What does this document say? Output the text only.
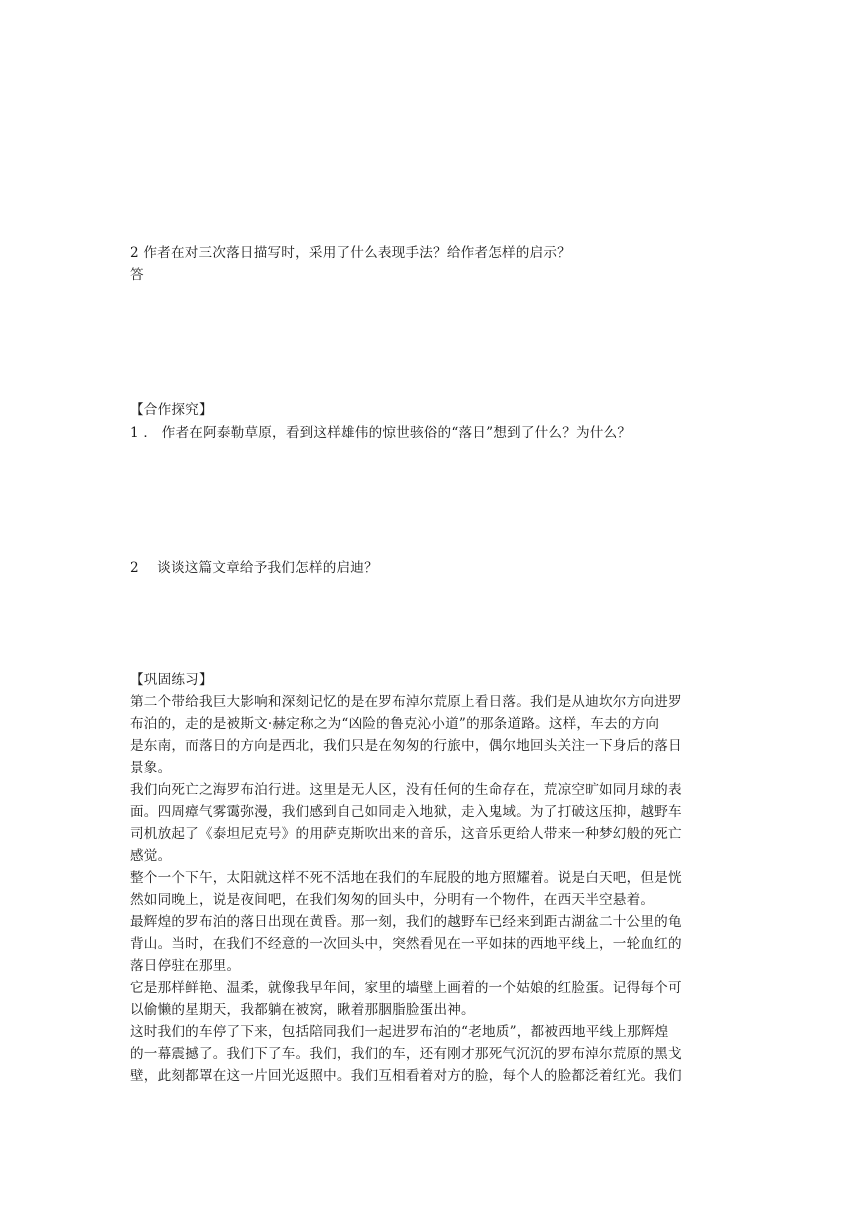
2 作者在对三次落日描写时，采用了什么表现手法？给作者怎样的启示？
答
【合作探究】
1 ． 作者在阿泰勒草原，看到这样雄伟的惊世骇俗的“落日”想到了什么？为什么？
2　 谈谈这篇文章给予我们怎样的启迪？
【巩固练习】
第二个带给我巨大影响和深刻记忆的是在罗布淖尔荒原上看日落。我们是从迪坎尔方向进罗
布泊的，走的是被斯文·赫定称之为“凶险的鲁克沁小道”的那条道路。这样，车去的方向
是东南，而落日的方向是西北，我们只是在匆匆的行旅中，偶尔地回头关注一下身后的落日
景象。
我们向死亡之海罗布泊行进。这里是无人区，没有任何的生命存在，荒凉空旷如同月球的表
面。四周瘴气雾霭弥漫，我们感到自己如同走入地狱，走入鬼域。为了打破这压抑，越野车
司机放起了《泰坦尼克号》的用萨克斯吹出来的音乐，这音乐更给人带来一种梦幻般的死亡
感觉。
整个一个下午，太阳就这样不死不活地在我们的车屁股的地方照耀着。说是白天吧，但是恍
然如同晚上，说是夜间吧，在我们匆匆的回头中，分明有一个物件，在西天半空悬着。
最辉煌的罗布泊的落日出现在黄昏。那一刻，我们的越野车已经来到距古湖盆二十公里的龟
背山。当时，在我们不经意的一次回头中，突然看见在一平如抹的西地平线上，一轮血红的
落日停驻在那里。
它是那样鲜艳、温柔，就像我早年间，家里的墙壁上画着的一个姑娘的红脸蛋。记得每个可
以偷懒的星期天，我都躺在被窝，瞅着那胭脂脸蛋出神。
这时我们的车停了下来，包括陪同我们一起进罗布泊的“老地质”，都被西地平线上那辉煌
的一幕震撼了。我们下了车。我们，我们的车，还有刚才那死气沉沉的罗布淖尔荒原的黑戈
壁，此刻都罩在这一片回光返照中。我们互相看着对方的脸，每个人的脸都泛着红光。我们
